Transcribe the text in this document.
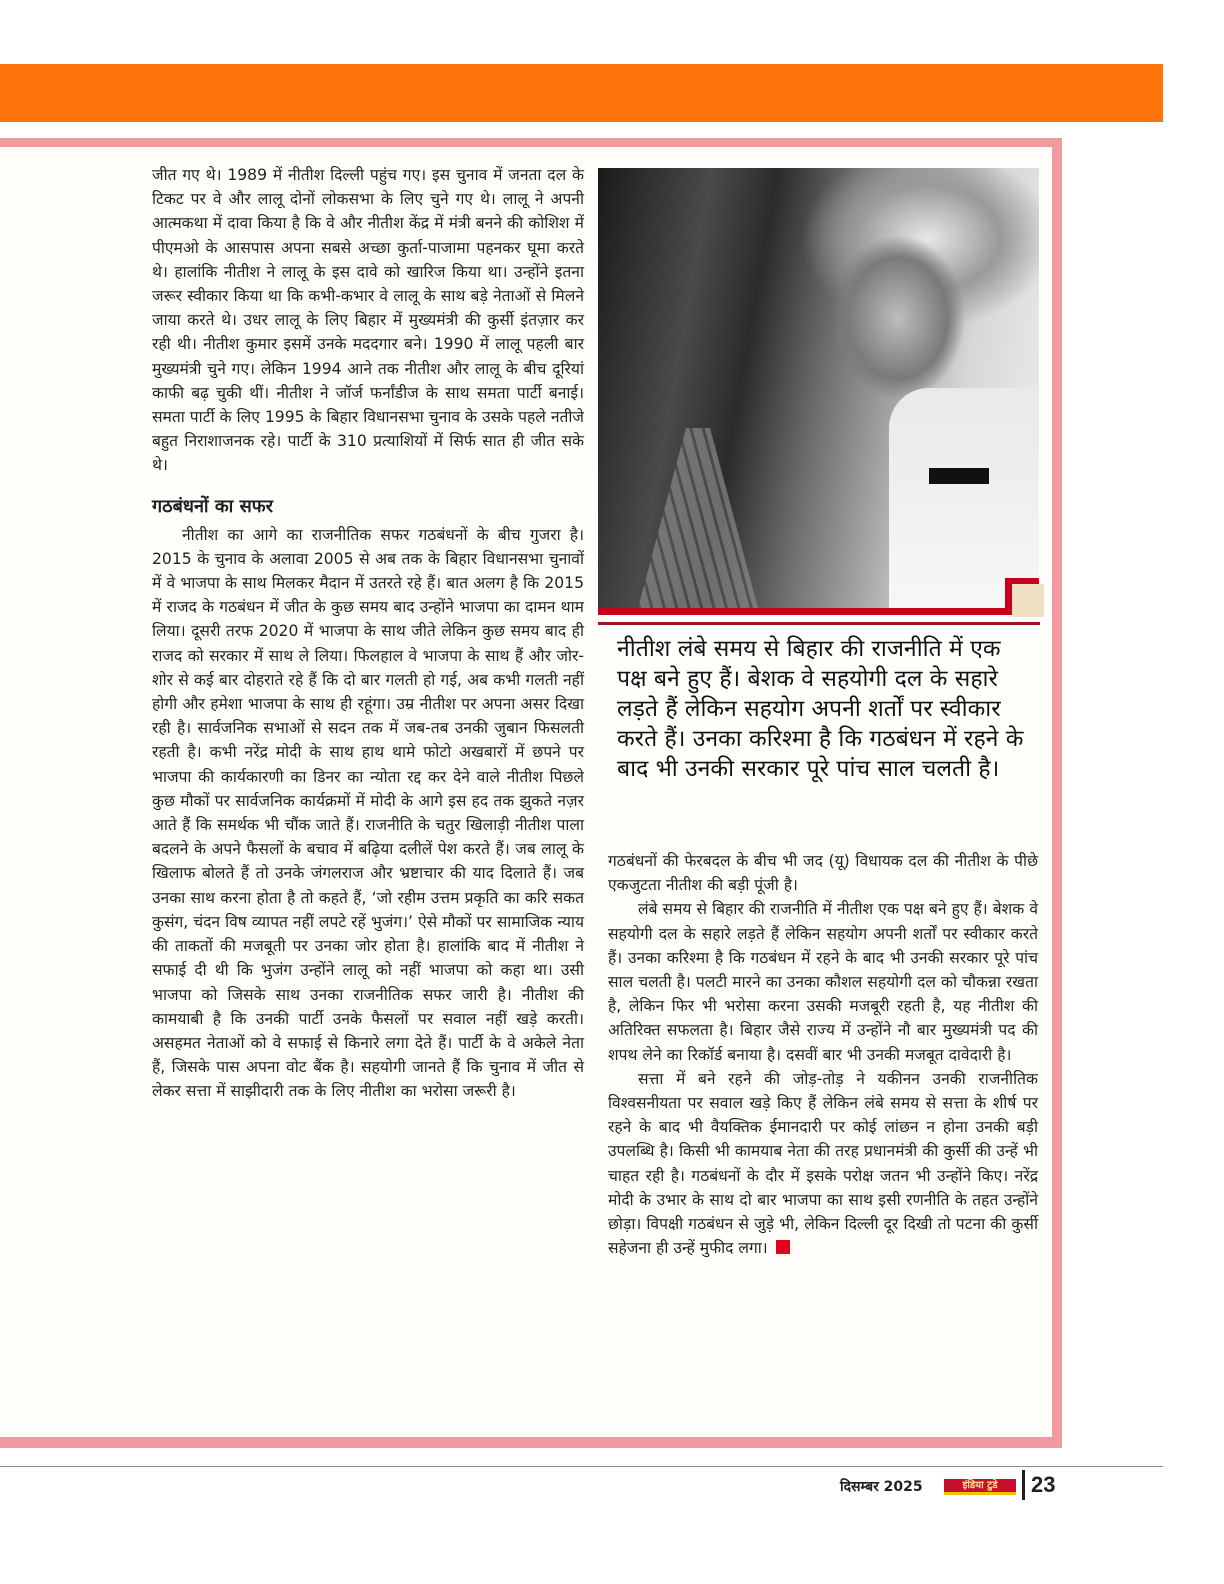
जीत गए थे। 1989 में नीतीश दिल्ली पहुंच गए। इस चुनाव में जनता दल के टिकट पर वे और लालू दोनों लोकसभा के लिए चुने गए थे। लालू ने अपनी आत्मकथा में दावा किया है कि वे और नीतीश केंद्र में मंत्री बनने की कोशिश में पीएमओ के आसपास अपना सबसे अच्छा कुर्ता-पाजामा पहनकर घूमा करते थे। हालांकि नीतीश ने लालू के इस दावे को खारिज किया था। उन्होंने इतना जरूर स्वीकार किया था कि कभी-कभार वे लालू के साथ बड़े नेताओं से मिलने जाया करते थे। उधर लालू के लिए बिहार में मुख्यमंत्री की कुर्सी इंतज़ार कर रही थी। नीतीश कुमार इसमें उनके मददगार बने। 1990 में लालू पहली बार मुख्यमंत्री चुने गए। लेकिन 1994 आने तक नीतीश और लालू के बीच दूरियां काफी बढ़ चुकी थीं। नीतीश ने जॉर्ज फर्नांडीज के साथ समता पार्टी बनाई। समता पार्टी के लिए 1995 के बिहार विधानसभा चुनाव के उसके पहले नतीजे बहुत निराशाजनक रहे। पार्टी के 310 प्रत्याशियों में सिर्फ सात ही जीत सके थे।

गठबंधनों का सफर

नीतीश का आगे का राजनीतिक सफर गठबंधनों के बीच गुजरा है। 2015 के चुनाव के अलावा 2005 से अब तक के बिहार विधानसभा चुनावों में वे भाजपा के साथ मिलकर मैदान में उतरते रहे हैं। बात अलग है कि 2015 में राजद के गठबंधन में जीत के कुछ समय बाद उन्होंने भाजपा का दामन थाम लिया। दूसरी तरफ 2020 में भाजपा के साथ जीते लेकिन कुछ समय बाद ही राजद को सरकार में साथ ले लिया। फिलहाल वे भाजपा के साथ हैं और जोर-शोर से कई बार दोहराते रहे हैं कि दो बार गलती हो गई, अब कभी गलती नहीं होगी और हमेशा भाजपा के साथ ही रहूंगा। उम्र नीतीश पर अपना असर दिखा रही है। सार्वजनिक सभाओं से सदन तक में जब-तब उनकी जुबान फिसलती रहती है। कभी नरेंद्र मोदी के साथ हाथ थामे फोटो अखबारों में छपने पर भाजपा की कार्यकारणी का डिनर का न्योता रद्द कर देने वाले नीतीश पिछले कुछ मौकों पर सार्वजनिक कार्यक्रमों में मोदी के आगे इस हद तक झुकते नज़र आते हैं कि समर्थक भी चौंक जाते हैं। राजनीति के चतुर खिलाड़ी नीतीश पाला बदलने के अपने फैसलों के बचाव में बढ़िया दलीलें पेश करते हैं। जब लालू के खिलाफ बोलते हैं तो उनके जंगलराज और भ्रष्टाचार की याद दिलाते हैं। जब उनका साथ करना होता है तो कहते हैं, ‘जो रहीम उत्तम प्रकृति का करि सकत कुसंग, चंदन विष व्यापत नहीं लपटे रहें भुजंग।’ ऐसे मौकों पर सामाजिक न्याय की ताकतों की मजबूती पर उनका जोर होता है। हालांकि बाद में नीतीश ने सफाई दी थी कि भुजंग उन्होंने लालू को नहीं भाजपा को कहा था। उसी भाजपा को जिसके साथ उनका राजनीतिक सफर जारी है। नीतीश की कामयाबी है कि उनकी पार्टी उनके फैसलों पर सवाल नहीं खड़े करती। असहमत नेताओं को वे सफाई से किनारे लगा देते हैं। पार्टी के वे अकेले नेता हैं, जिसके पास अपना वोट बैंक है। सहयोगी जानते हैं कि चुनाव में जीत से लेकर सत्ता में साझीदारी तक के लिए नीतीश का भरोसा जरूरी है।

नीतीश लंबे समय से बिहार की राजनीति में एक पक्ष बने हुए हैं। बेशक वे सहयोगी दल के सहारे लड़ते हैं लेकिन सहयोग अपनी शर्तों पर स्वीकार करते हैं। उनका करिश्मा है कि गठबंधन में रहने के बाद भी उनकी सरकार पूरे पांच साल चलती है।

गठबंधनों की फेरबदल के बीच भी जद (यू) विधायक दल की नीतीश के पीछे एकजुटता नीतीश की बड़ी पूंजी है।

लंबे समय से बिहार की राजनीति में नीतीश एक पक्ष बने हुए हैं। बेशक वे सहयोगी दल के सहारे लड़ते हैं लेकिन सहयोग अपनी शर्तों पर स्वीकार करते हैं। उनका करिश्मा है कि गठबंधन में रहने के बाद भी उनकी सरकार पूरे पांच साल चलती है। पलटी मारने का उनका कौशल सहयोगी दल को चौकन्ना रखता है, लेकिन फिर भी भरोसा करना उसकी मजबूरी रहती है, यह नीतीश की अतिरिक्त सफलता है। बिहार जैसे राज्य में उन्होंने नौ बार मुख्यमंत्री पद की शपथ लेने का रिकॉर्ड बनाया है। दसवीं बार भी उनकी मजबूत दावेदारी है।

सत्ता में बने रहने की जोड़-तोड़ ने यकीनन उनकी राजनीतिक विश्वसनीयता पर सवाल खड़े किए हैं लेकिन लंबे समय से सत्ता के शीर्ष पर रहने के बाद भी वैयक्तिक ईमानदारी पर कोई लांछन न होना उनकी बड़ी उपलब्धि है। किसी भी कामयाब नेता की तरह प्रधानमंत्री की कुर्सी की उन्हें भी चाहत रही है। गठबंधनों के दौर में इसके परोक्ष जतन भी उन्होंने किए। नरेंद्र मोदी के उभार के साथ दो बार भाजपा का साथ इसी रणनीति के तहत उन्होंने छोड़ा। विपक्षी गठबंधन से जुड़े भी, लेकिन दिल्ली दूर दिखी तो पटना की कुर्सी सहेजना ही उन्हें मुफीद लगा।

दिसम्बर 2025	इंडिया टुडे	23
